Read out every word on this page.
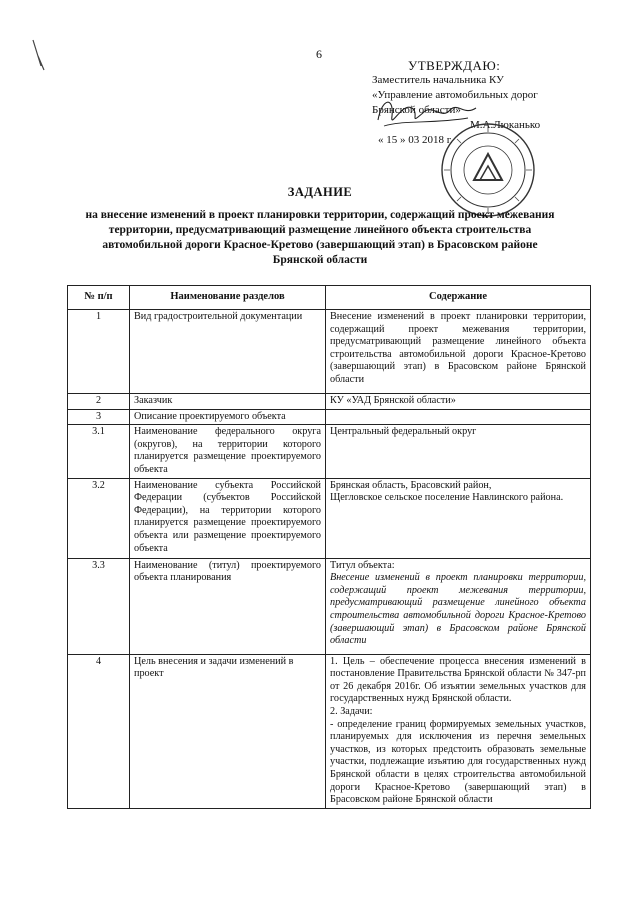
6
УТВЕРЖДАЮ:
Заместитель начальника КУ
«Управление автомобильных дорог
Брянской области»
М.А.Люканько
« 15 » 03 2018 г.
ЗАДАНИЕ
на внесение изменений в проект планировки территории, содержащий проект межевания
территории, предусматривающий размещение линейного объекта строительства
автомобильной дороги Красное-Кретово (завершающий этап) в Брасовском районе
Брянской области
№ п/п	Наименование разделов	Содержание
1	Вид градостроительной документации	Внесение изменений в проект планировки территории, содержащий проект межевания территории, предусматривающий размещение линейного объекта строительства автомобильной дороги Красное-Кретово (завершающий этап) в Брасовском районе Брянской области
2	Заказчик	КУ «УАД Брянской области»
3	Описание проектируемого объекта	
3.1	Наименование федерального округа (округов), на территории которого планируется размещение проектируемого объекта	Центральный федеральный округ
3.2	Наименование субъекта Российской Федерации (субъектов Российской Федерации), на территории которого планируется размещение проектируемого объекта или размещение проектируемого объекта	Брянская область, Брасовский район,
Щегловское сельское поселение Навлинского района.

3.3	Наименование (титул) проектируемого объекта планирования	Титул объекта:
Внесение изменений в проект планировки территории, содержащий проект межевания территории, предусматривающий размещение линейного объекта строительства автомобильной дороги Красное-Кретово (завершающий этап) в Брасовском районе Брянской области

4	Цель внесения и задачи изменений в проект	1. Цель – обеспечение процесса внесения изменений в постановление Правительства Брянской области № 347-рп от 26 декабря 2016г. Об изъятии земельных участков для государственных нужд Брянской области.
2. Задачи:
- определение границ формируемых земельных участков, планируемых для исключения из перечня земельных участков, из которых предстоить образовать земельные участки, подлежащие изъятию для государственных нужд Брянской области в целях строительства автомобильной дороги Красное-Кретово (завершающий этап) в Брасовском районе Брянской области
